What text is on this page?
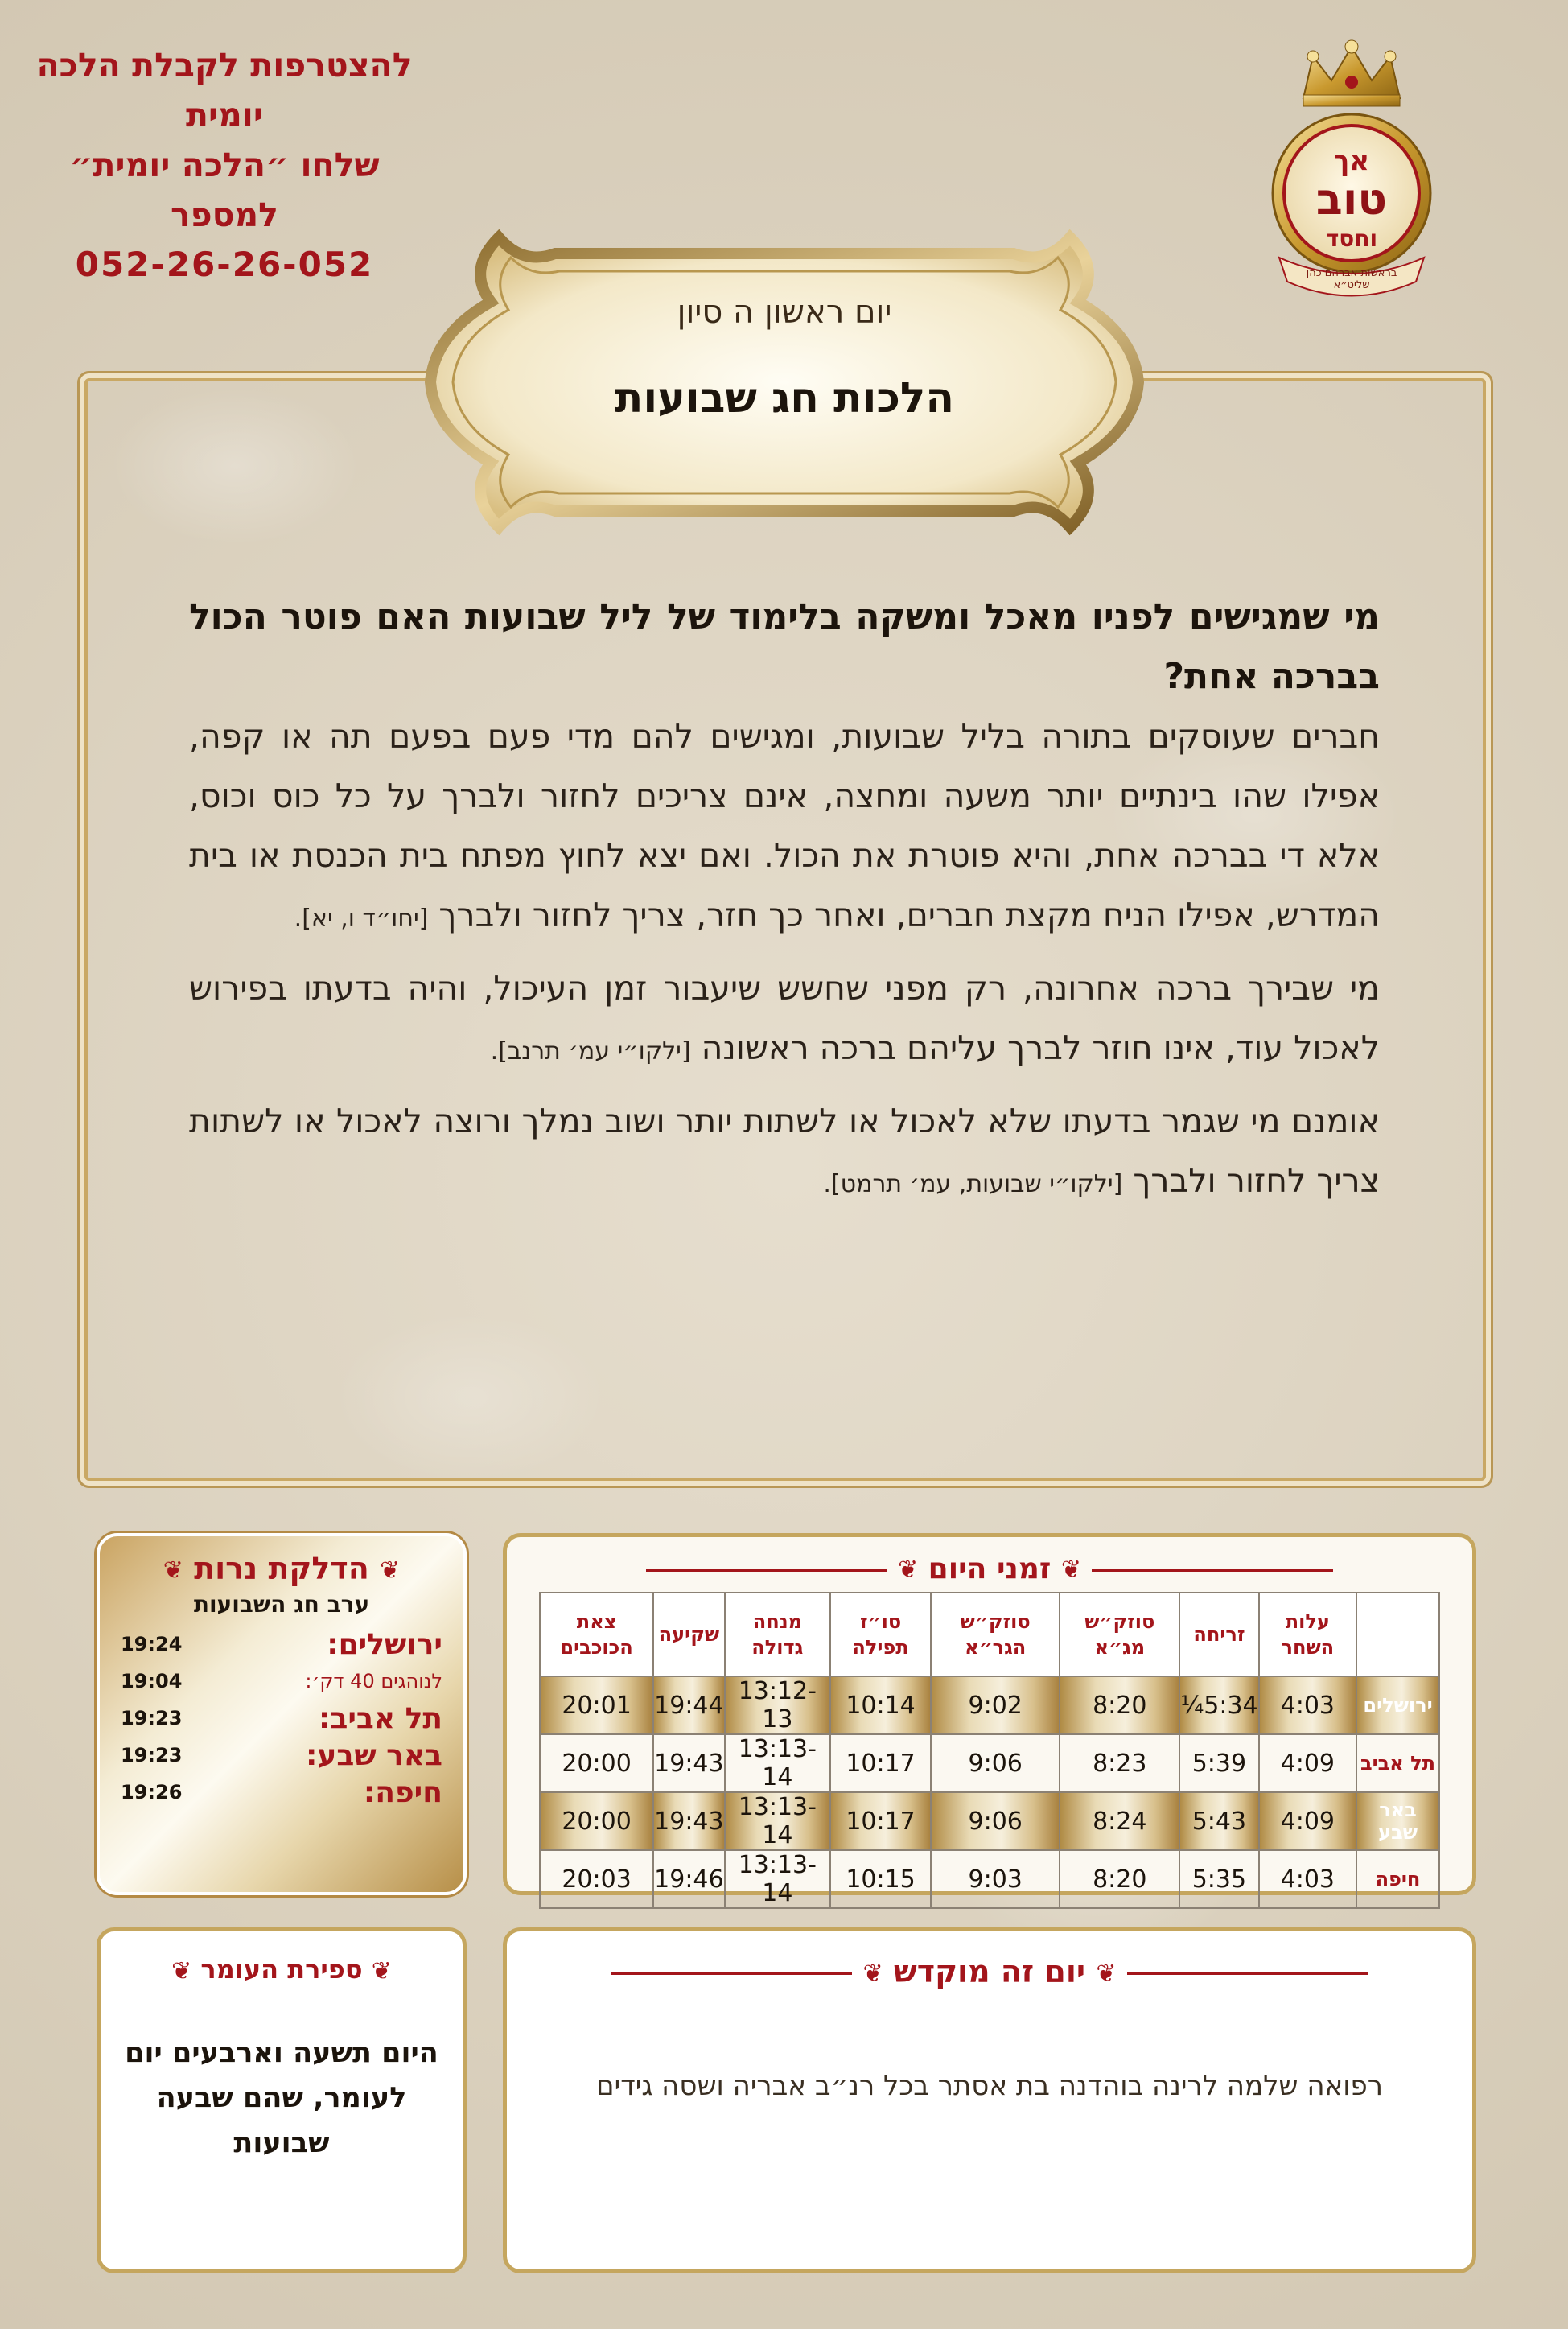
להצטרפות לקבלת הלכה יומית
שלחו ״הלכה יומית״ למספר
052-26-26-052
אך
טוב
וחסד
בראשות אברהם כהן שליט״א
יום ראשון ה סיון
הלכות חג שבועות
מי שמגישים לפניו מאכל ומשקה בלימוד של ליל שבועות האם פוטר הכול בברכה אחת?
חברים שעוסקים בתורה בליל שבועות, ומגישים להם מדי פעם בפעם תה או קפה, אפילו שהו בינתיים יותר משעה ומחצה, אינם צריכים לחזור ולברך על כל כוס וכוס, אלא די בברכה אחת, והיא פוטרת את הכול. ואם יצא לחוץ מפתח בית הכנסת או בית המדרש, אפילו הניח מקצת חברים, ואחר כך חזר, צריך לחזור ולברך [יחו״ד ו, יא].
מי שבירך ברכה אחרונה, רק מפני שחשש שיעבור זמן העיכול, והיה בדעתו בפירוש לאכול עוד, אינו חוזר לברך עליהם ברכה ראשונה [ילקו״י עמ׳ תרנב].
אומנם מי שגמר בדעתו שלא לאכול או לשתות יותר ושוב נמלך ורוצה לאכול או לשתות צריך לחזור ולברך [ילקו״י שבועות, עמ׳ תרמט].
❦ הדלקת נרות ❦
ערב חג השבועות
ירושלים:
19:24
לנוהגים 40 דק׳:
19:04
תל אביב:
19:23
באר שבע:
19:23
חיפה:
19:26
❦ זמני היום ❦
	עלות השחר	זריחה	סוזק״ש מג״א	סוזק״ש הגר״א	סו״ז תפילה	מנחה גדולה	שקיעה	צאת הכוכבים
ירושלים	4:03	5:34¼	8:20	9:02	10:14	13:12-13	19:44	20:01
תל אביב	4:09	5:39	8:23	9:06	10:17	13:13-14	19:43	20:00
באר שבע	4:09	5:43	8:24	9:06	10:17	13:13-14	19:43	20:00
חיפה	4:03	5:35	8:20	9:03	10:15	13:13-14	19:46	20:03
❦ ספירת העומר ❦
היום תשעה וארבעים יום לעומר, שהם שבעה שבועות
❦ יום זה מוקדש ❦
רפואה שלמה לרינה בוהדנה בת אסתר בכל רנ״ב אבריה ושסה גידים
